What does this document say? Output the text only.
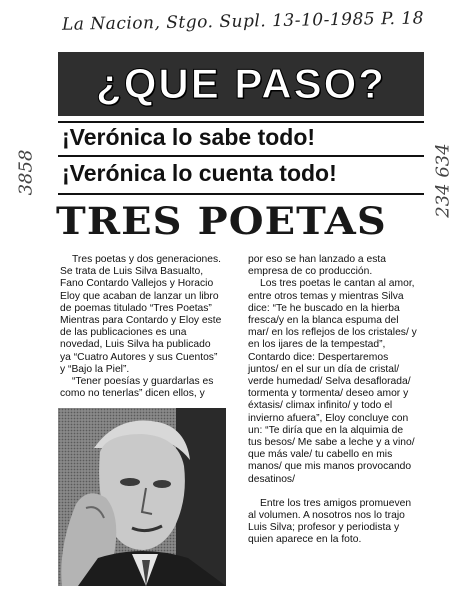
La Nacion, Stgo. Supl. 13-10-1985 P. 18
3858	234 634
¿QUE PASO?
¡Verónica lo sabe todo!
¡Verónica lo cuenta todo!
TRES POETAS

Tres poetas y dos generaciones. Se trata de Luis Silva Basualto, Fano Contardo Vallejos y Horacio Eloy que acaban de lanzar un libro de poemas titulado “Tres Poetas” Mientras para Contardo y Eloy este de las publicaciones es una novedad, Luis Silva ha publicado ya “Cuatro Autores y sus Cuentos” y “Bajo la Piel”.

“Tener poesías y guardarlas es como no tenerlas” dicen ellos, y

por eso se han lanzado a esta empresa de co producción.

Los tres poetas le cantan al amor, entre otros temas y mientras Silva dice: “Te he buscado en la hierba fresca/y en la blanca espuma del mar/ en los reflejos de los cristales/ y en los ijares de la tempestad”, Contardo dice: Despertaremos juntos/ en el sur un día de cristal/ verde humedad/ Selva desaflorada/ tormenta y tormenta/ deseo amor y éxtasis/ climax infinito/ y todo el invierno afuera”, Eloy concluye con un: “Te diría que en la alquimia de tus besos/ Me sabe a leche y a vino/ que más vale/ tu cabello en mis manos/ que mis manos provocando desatinos/

Entre los tres amigos promueven al volumen. A nosotros nos lo trajo Luis Silva; profesor y periodista y quien aparece en la foto.
